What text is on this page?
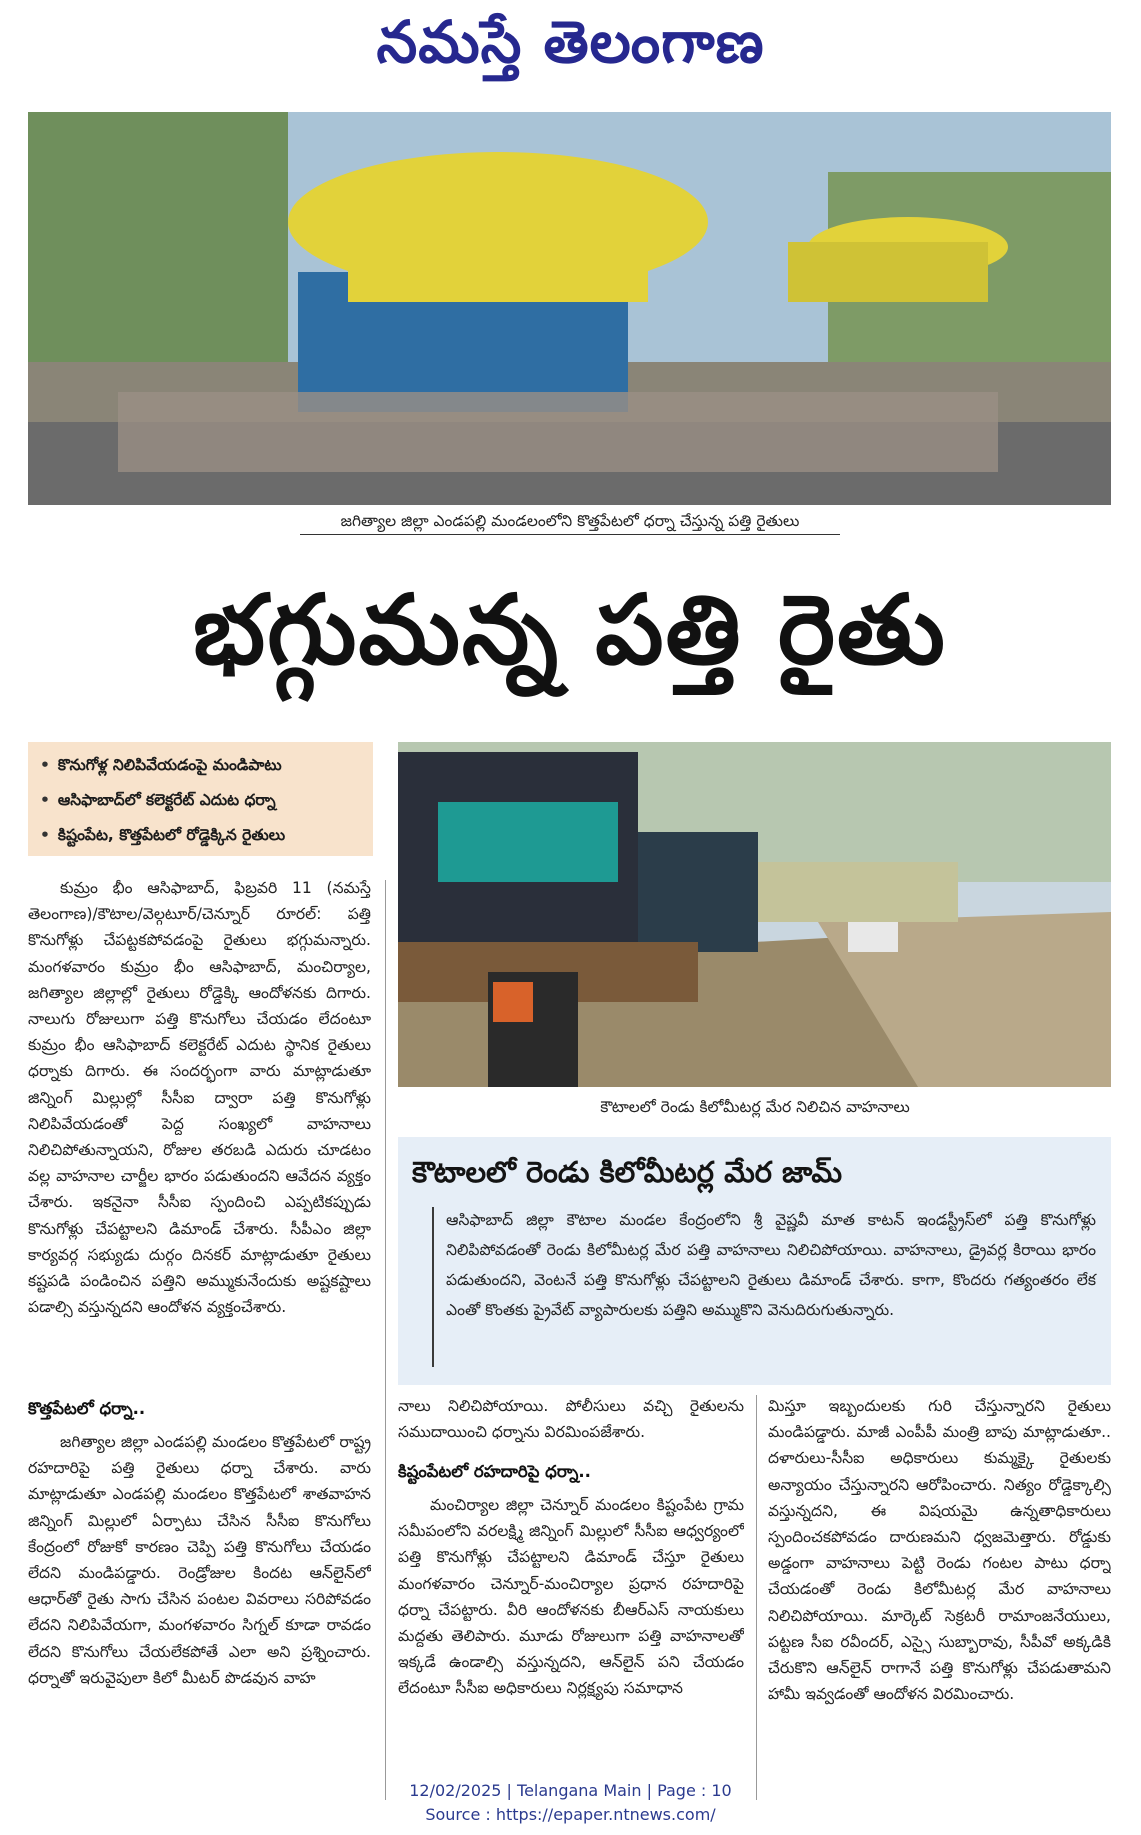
నమస్తే తెలంగాణ
జగిత్యాల జిల్లా ఎండపల్లి మండలంలోని కొత్తపేటలో ధర్నా చేస్తున్న పత్తి రైతులు
భగ్గుమన్న పత్తి రైతు
• కొనుగోళ్ల నిలిపివేయడంపై మండిపాటు
• ఆసిఫాబాద్‌లో కలెక్టరేట్ ఎదుట ధర్నా
• కిష్టంపేట, కొత్తపేటలో రోడ్డెక్కిన రైతులు
కౌటాలలో రెండు కిలోమీటర్ల మేర నిలిచిన వాహనాలు

కుమ్రం భీం ఆసిఫాబాద్, ఫిబ్రవరి 11 (నమస్తే తెలంగాణ)/కౌటాల/వెల్గటూర్/చెన్నూర్ రూరల్: పత్తి కొనుగోళ్లు చేపట్టకపోవడంపై రైతులు భగ్గుమన్నారు. మంగళవారం కుమ్రం భీం ఆసిఫాబాద్, మంచిర్యాల, జగిత్యాల జిల్లాల్లో రైతులు రోడ్డెక్కి ఆందోళనకు దిగారు. నాలుగు రోజులుగా పత్తి కొనుగోలు చేయడం లేదంటూ కుమ్రం భీం ఆసిఫాబాద్ కలెక్టరేట్ ఎదుట స్థానిక రైతులు ధర్నాకు దిగారు. ఈ సందర్భంగా వారు మాట్లాడుతూ జిన్నింగ్ మిల్లుల్లో సీసీఐ ద్వారా పత్తి కొనుగోళ్లు నిలిపివేయడంతో పెద్ద సంఖ్యలో వాహనాలు నిలిచిపోతున్నాయని, రోజుల తరబడి ఎదురు చూడటం వల్ల వాహనాల చార్జీల భారం పడుతుందని ఆవేదన వ్యక్తం చేశారు. ఇకనైనా సీసీఐ స్పందించి ఎప్పటికప్పుడు కొనుగోళ్లు చేపట్టాలని డిమాండ్ చేశారు. సీపీఎం జిల్లా కార్యవర్గ సభ్యుడు దుర్గం దినకర్ మాట్లాడుతూ రైతులు కష్టపడి పండించిన పత్తిని అమ్ముకునేందుకు అష్టకష్టాలు పడాల్సి వస్తున్నదని ఆందోళన వ్యక్తంచేశారు.

కొత్తపేటలో ధర్నా..

జగిత్యాల జిల్లా ఎండపల్లి మండలం కొత్తపేటలో రాష్ట్ర రహదారిపై పత్తి రైతులు ధర్నా చేశారు. వారు మాట్లాడుతూ ఎండపల్లి మండలం కొత్తపేటలో శాతవాహన జిన్నింగ్ మిల్లులో ఏర్పాటు చేసిన సీసీఐ కొనుగోలు కేంద్రంలో రోజుకో కారణం చెప్పి పత్తి కొనుగోలు చేయడం లేదని మండిపడ్డారు. రెండ్రోజుల కిందట ఆన్‌లైన్‌లో ఆధార్‌తో రైతు సాగు చేసిన పంటల వివరాలు సరిపోవడం లేదని నిలిపివేయగా, మంగళవారం సిగ్నల్ కూడా రావడం లేదని కొనుగోలు చేయలేకపోతే ఎలా అని ప్రశ్నించారు. ధర్నాతో ఇరువైపులా కిలో మీటర్ పొడవున వాహ

కౌటాలలో రెండు కిలోమీటర్ల మేర జామ్
ఆసిఫాబాద్ జిల్లా కౌటాల మండల కేంద్రంలోని శ్రీ వైష్ణవీ మాత కాటన్ ఇండస్ట్రీస్‌లో పత్తి కొనుగోళ్లు నిలిపిపోవడంతో రెండు కిలోమీటర్ల మేర పత్తి వాహనాలు నిలిచిపోయాయి. వాహనాలు, డ్రైవర్ల కిరాయి భారం పడుతుందని, వెంటనే పత్తి కొనుగోళ్లు చేపట్టాలని రైతులు డిమాండ్ చేశారు. కాగా, కొందరు గత్యంతరం లేక ఎంతో కొంతకు ప్రైవేట్ వ్యాపారులకు పత్తిని అమ్ముకొని వెనుదిరుగుతున్నారు.

నాలు నిలిచిపోయాయి. పోలీసులు వచ్చి రైతులను సముదాయించి ధర్నాను విరమింపజేశారు.

కిష్టంపేటలో రహదారిపై ధర్నా..

మంచిర్యాల జిల్లా చెన్నూర్ మండలం కిష్టంపేట గ్రామ సమీపంలోని వరలక్ష్మి జిన్నింగ్ మిల్లులో సీసీఐ ఆధ్వర్యంలో పత్తి కొనుగోళ్లు చేపట్టాలని డిమాండ్ చేస్తూ రైతులు మంగళవారం చెన్నూర్-మంచిర్యాల ప్రధాన రహదారిపై ధర్నా చేపట్టారు. వీరి ఆందోళనకు బీఆర్‌ఎస్ నాయకులు మద్దతు తెలిపారు. మూడు రోజులుగా పత్తి వాహనాలతో ఇక్కడే ఉండాల్సి వస్తున్నదని, ఆన్‌లైన్ పని చేయడం లేదంటూ సీసీఐ అధికారులు నిర్లక్ష్యపు సమాధాన

మిస్తూ ఇబ్బందులకు గురి చేస్తున్నారని రైతులు మండిపడ్డారు. మాజీ ఎంపీపీ మంత్రి బాపు మాట్లాడుతూ.. దళారులు-సీసీఐ అధికారులు కుమ్మక్కై రైతులకు అన్యాయం చేస్తున్నారని ఆరోపించారు. నిత్యం రోడ్డెక్కాల్సి వస్తున్నదని, ఈ విషయమై ఉన్నతాధికారులు స్పందించకపోవడం దారుణమని ధ్వజమెత్తారు. రోడ్డుకు అడ్డంగా వాహనాలు పెట్టి రెండు గంటల పాటు ధర్నా చేయడంతో రెండు కిలోమీటర్ల మేర వాహనాలు నిలిచిపోయాయి. మార్కెట్ సెక్రటరీ రామాంజనేయులు, పట్టణ సీఐ రవీందర్, ఎస్సై సుబ్బారావు, సీపీవో అక్కడికి చేరుకొని ఆన్‌లైన్ రాగానే పత్తి కొనుగోళ్లు చేపడుతామని హామీ ఇవ్వడంతో ఆందోళన విరమించారు.

12/02/2025 | Telangana Main | Page : 10
Source : https://epaper.ntnews.com/
